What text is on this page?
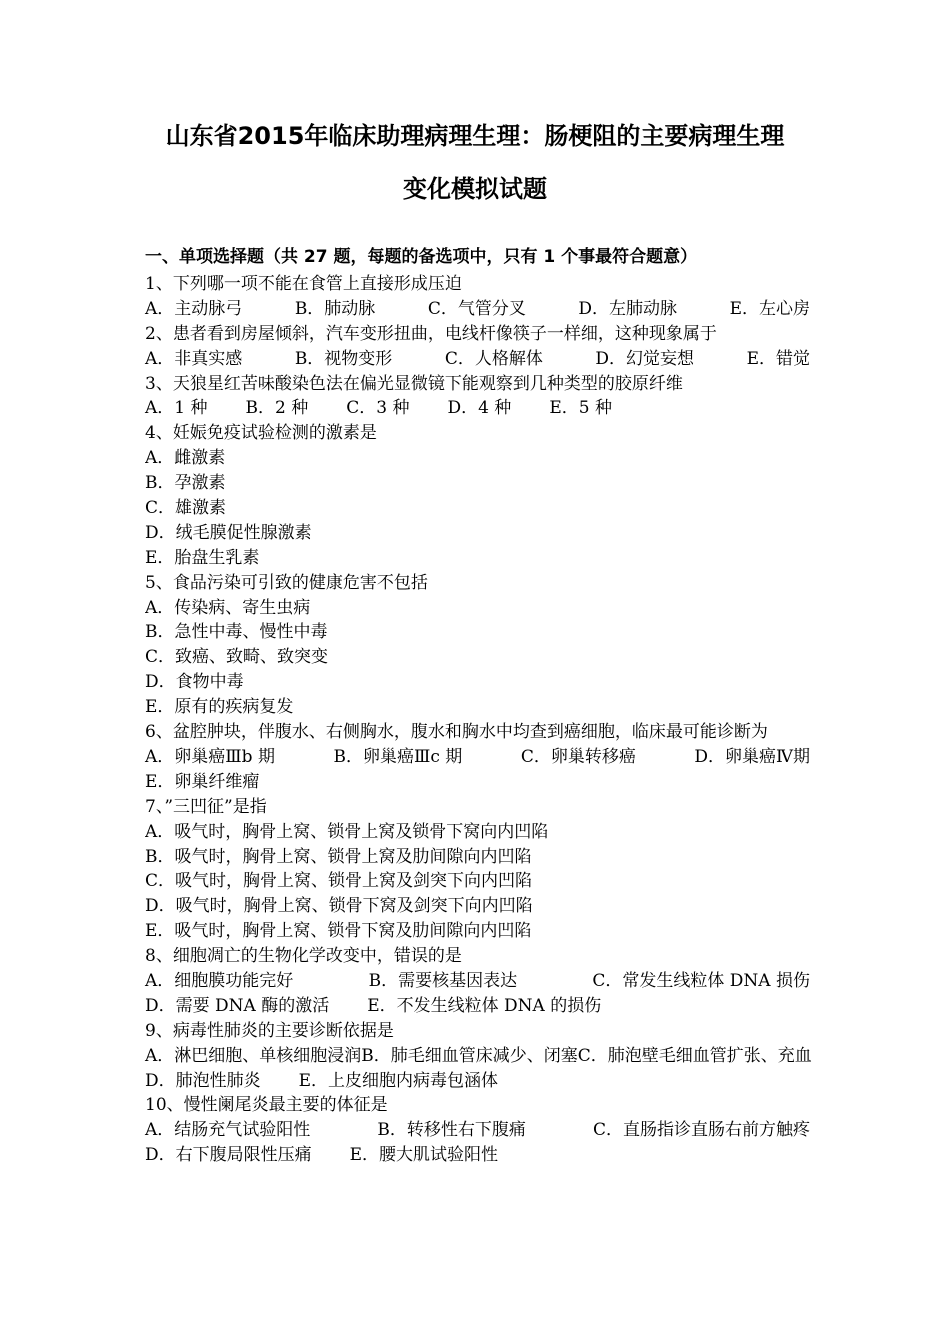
山东省2015年临床助理病理生理：肠梗阻的主要病理生理
变化模拟试题
一、单项选择题（共 27 题，每题的备选项中，只有 1 个事最符合题意）
1、下列哪一项不能在食管上直接形成压迫
A．主动脉弓	B．肺动脉	C．气管分叉	D．左肺动脉	E．左心房
2、患者看到房屋倾斜，汽车变形扭曲，电线杆像筷子一样细，这种现象属于
A．非真实感	B．视物变形	C．人格解体	D．幻觉妄想	E．错觉
3、天狼星红苦味酸染色法在偏光显微镜下能观察到几种类型的胶原纤维
A．1 种 B．2 种 C．3 种 D．4 种 E．5 种
4、妊娠免疫试验检测的激素是
A．雌激素
B．孕激素
C．雄激素
D．绒毛膜促性腺激素
E．胎盘生乳素
5、食品污染可引致的健康危害不包括
A．传染病、寄生虫病
B．急性中毒、慢性中毒
C．致癌、致畸、致突变
D．食物中毒
E．原有的疾病复发
6、盆腔肿块，伴腹水、右侧胸水，腹水和胸水中均查到癌细胞，临床最可能诊断为
A．卵巢癌Ⅲb 期	B．卵巢癌Ⅲc 期	C．卵巢转移癌	D．卵巢癌Ⅳ期
E．卵巢纤维瘤
7、”三凹征”是指
A．吸气时，胸骨上窝、锁骨上窝及锁骨下窝向内凹陷
B．吸气时，胸骨上窝、锁骨上窝及肋间隙向内凹陷
C．吸气时，胸骨上窝、锁骨上窝及剑突下向内凹陷
D．吸气时，胸骨上窝、锁骨下窝及剑突下向内凹陷
E．吸气时，胸骨上窝、锁骨下窝及肋间隙向内凹陷
8、细胞凋亡的生物化学改变中，错误的是
A．细胞膜功能完好	B．需要核基因表达	C．常发生线粒体 DNA 损伤
D．需要 DNA 酶的激活 E．不发生线粒体 DNA 的损伤
9、病毒性肺炎的主要诊断依据是
A．淋巴细胞、单核细胞浸润 B．肺毛细血管床减少、闭塞 C．肺泡壁毛细血管扩张、充血
D．肺泡性肺炎 E．上皮细胞内病毒包涵体
10、慢性阑尾炎最主要的体征是
A．结肠充气试验阳性	B．转移性右下腹痛	C．直肠指诊直肠右前方触疼
D．右下腹局限性压痛 E．腰大肌试验阳性
